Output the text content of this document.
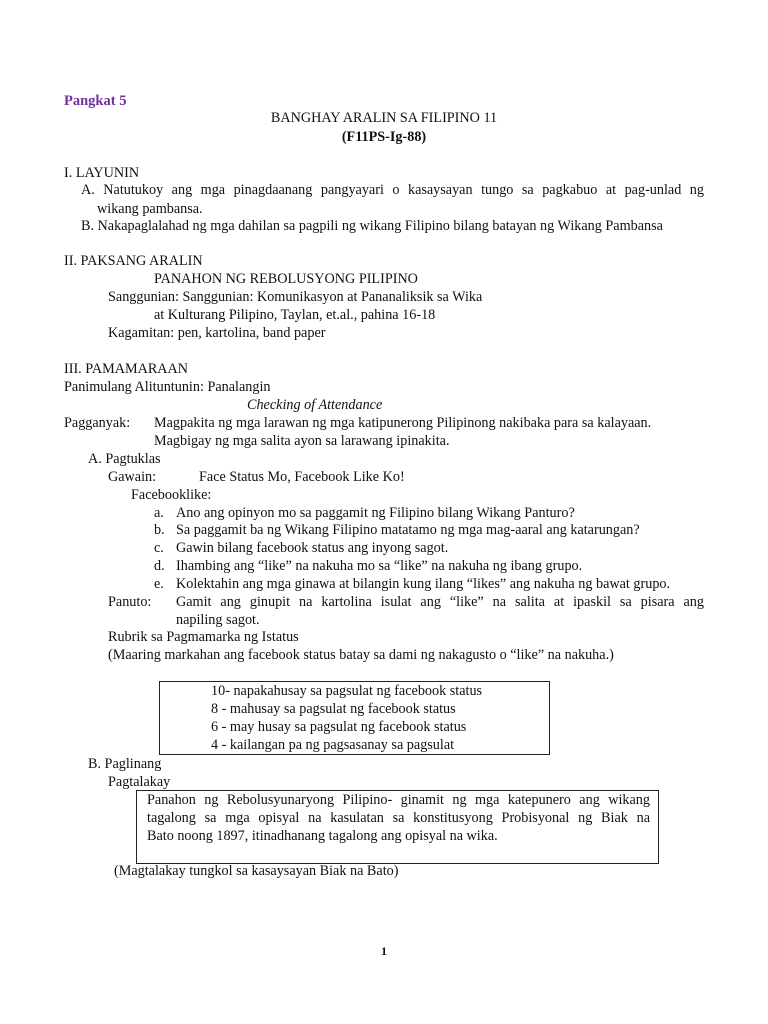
Pangkat 5
BANGHAY ARALIN SA FILIPINO 11
(F11PS-Ig-88)
I. LAYUNIN
A. Natutukoy ang mga pinagdaanang pangyayari o kasaysayan tungo sa pagkabuo at pag-unlad ng
wikang pambansa.
B. Nakapaglalahad ng mga dahilan sa pagpili ng wikang Filipino bilang batayan ng Wikang Pambansa
II. PAKSANG ARALIN
PANAHON NG REBOLUSYONG PILIPINO
Sanggunian: Sanggunian: Komunikasyon at Pananaliksik sa Wika
at Kulturang Pilipino, Taylan, et.al., pahina 16-18
Kagamitan: pen, kartolina, band paper
III. PAMAMARAAN
Panimulang Alituntunin: Panalangin
Checking of Attendance
Pagganyak: Magpakita ng mga larawan ng mga katipunerong Pilipinong nakibaka para sa kalayaan.
Magbigay ng mga salita ayon sa larawang ipinakita.
A. Pagtuklas
Gawain:	Face Status Mo, Facebook Like Ko!
Facebooklike:
a. Ano ang opinyon mo sa paggamit ng Filipino bilang Wikang Panturo?
b. Sa paggamit ba ng Wikang Filipino matatamo ng mga mag-aaral ang katarungan?
c. Gawin bilang facebook status ang inyong sagot.
d. Ihambing ang “like” na nakuha mo sa “like” na nakuha ng ibang grupo.
e. Kolektahin ang mga ginawa at bilangin kung ilang “likes” ang nakuha ng bawat grupo.
Panuto: Gamit ang ginupit na kartolina isulat ang “like” na salita at ipaskil sa pisara ang
napiling sagot.
Rubrik sa Pagmamarka ng Istatus
(Maaring markahan ang facebook status batay sa dami ng nakagusto o “like” na nakuha.)
10- napakahusay sa pagsulat ng facebook status
8 - mahusay sa pagsulat ng facebook status
6 - may husay sa pagsulat ng facebook status
4 - kailangan pa ng pagsasanay sa pagsulat
B. Paglinang
Pagtalakay
Panahon ng Rebolusyunaryong Pilipino- ginamit ng mga katepunero ang wikang
tagalong sa mga opisyal na kasulatan sa konstitusyong Probisyonal ng Biak na
Bato noong 1897, itinadhanang tagalong ang opisyal na wika.
(Magtalakay tungkol sa kasaysayan Biak na Bato)
1
